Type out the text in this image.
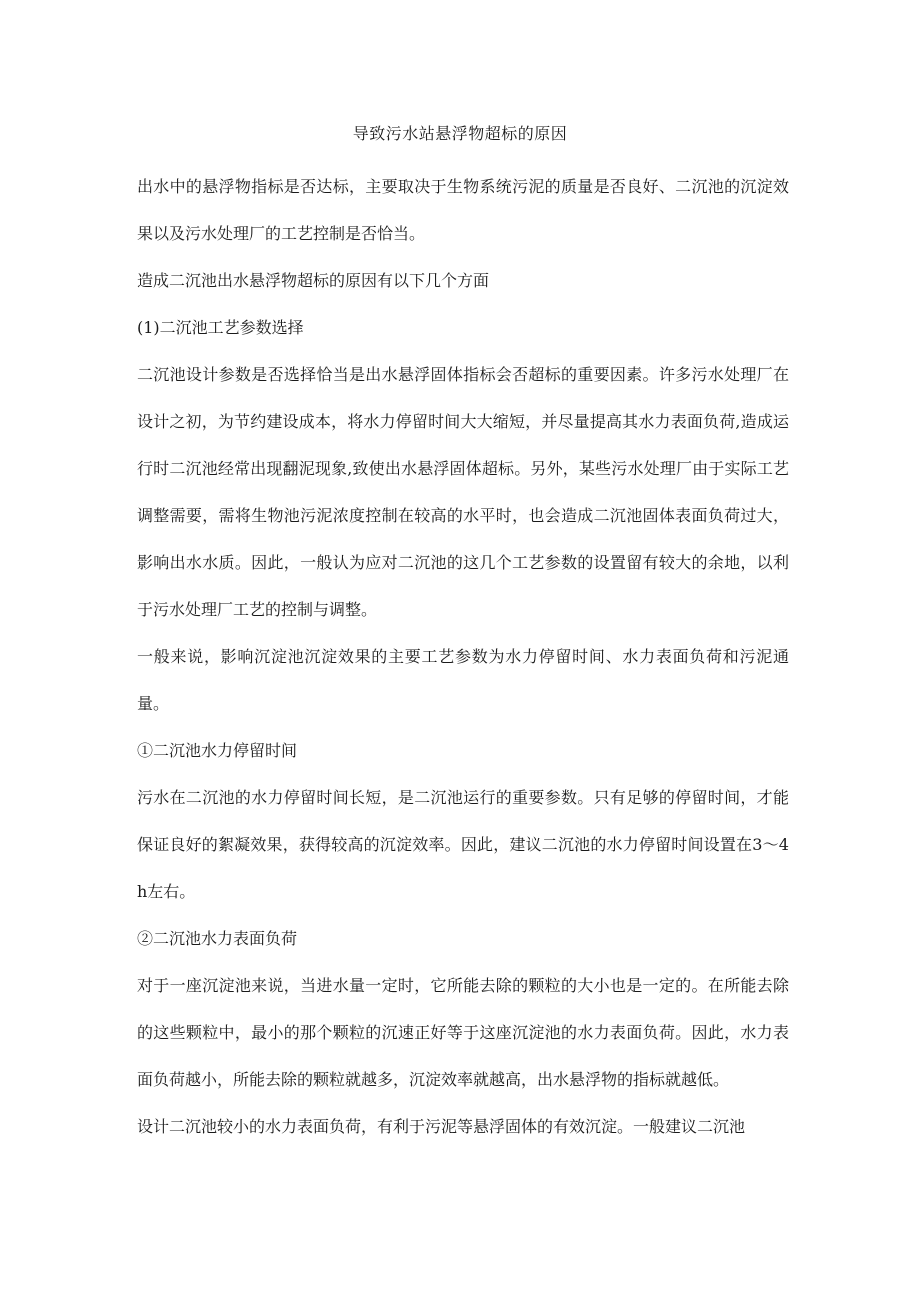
导致污水站悬浮物超标的原因

出水中的悬浮物指标是否达标，主要取决于生物系统污泥的质量是否良好、二沉池的沉淀效果以及污水处理厂的工艺控制是否恰当。

造成二沉池出水悬浮物超标的原因有以下几个方面

(1)二沉池工艺参数选择

二沉池设计参数是否选择恰当是出水悬浮固体指标会否超标的重要因素。许多污水处理厂在设计之初，为节约建设成本，将水力停留时间大大缩短，并尽量提高其水力表面负荷,造成运行时二沉池经常出现翻泥现象,致使出水悬浮固体超标。另外，某些污水处理厂由于实际工艺调整需要，需将生物池污泥浓度控制在较高的水平时，也会造成二沉池固体表面负荷过大，影响出水水质。因此，一般认为应对二沉池的这几个工艺参数的设置留有较大的余地，以利于污水处理厂工艺的控制与调整。

一般来说，影响沉淀池沉淀效果的主要工艺参数为水力停留时间、水力表面负荷和污泥通量。

①二沉池水力停留时间

污水在二沉池的水力停留时间长短，是二沉池运行的重要参数。只有足够的停留时间，才能保证良好的絮凝效果，获得较高的沉淀效率。因此，建议二沉池的水力停留时间设置在3～4h左右。

②二沉池水力表面负荷

对于一座沉淀池来说，当进水量一定时，它所能去除的颗粒的大小也是一定的。在所能去除的这些颗粒中，最小的那个颗粒的沉速正好等于这座沉淀池的水力表面负荷。因此，水力表面负荷越小，所能去除的颗粒就越多，沉淀效率就越高，出水悬浮物的指标就越低。

设计二沉池较小的水力表面负荷，有利于污泥等悬浮固体的有效沉淀。一般建议二沉池
